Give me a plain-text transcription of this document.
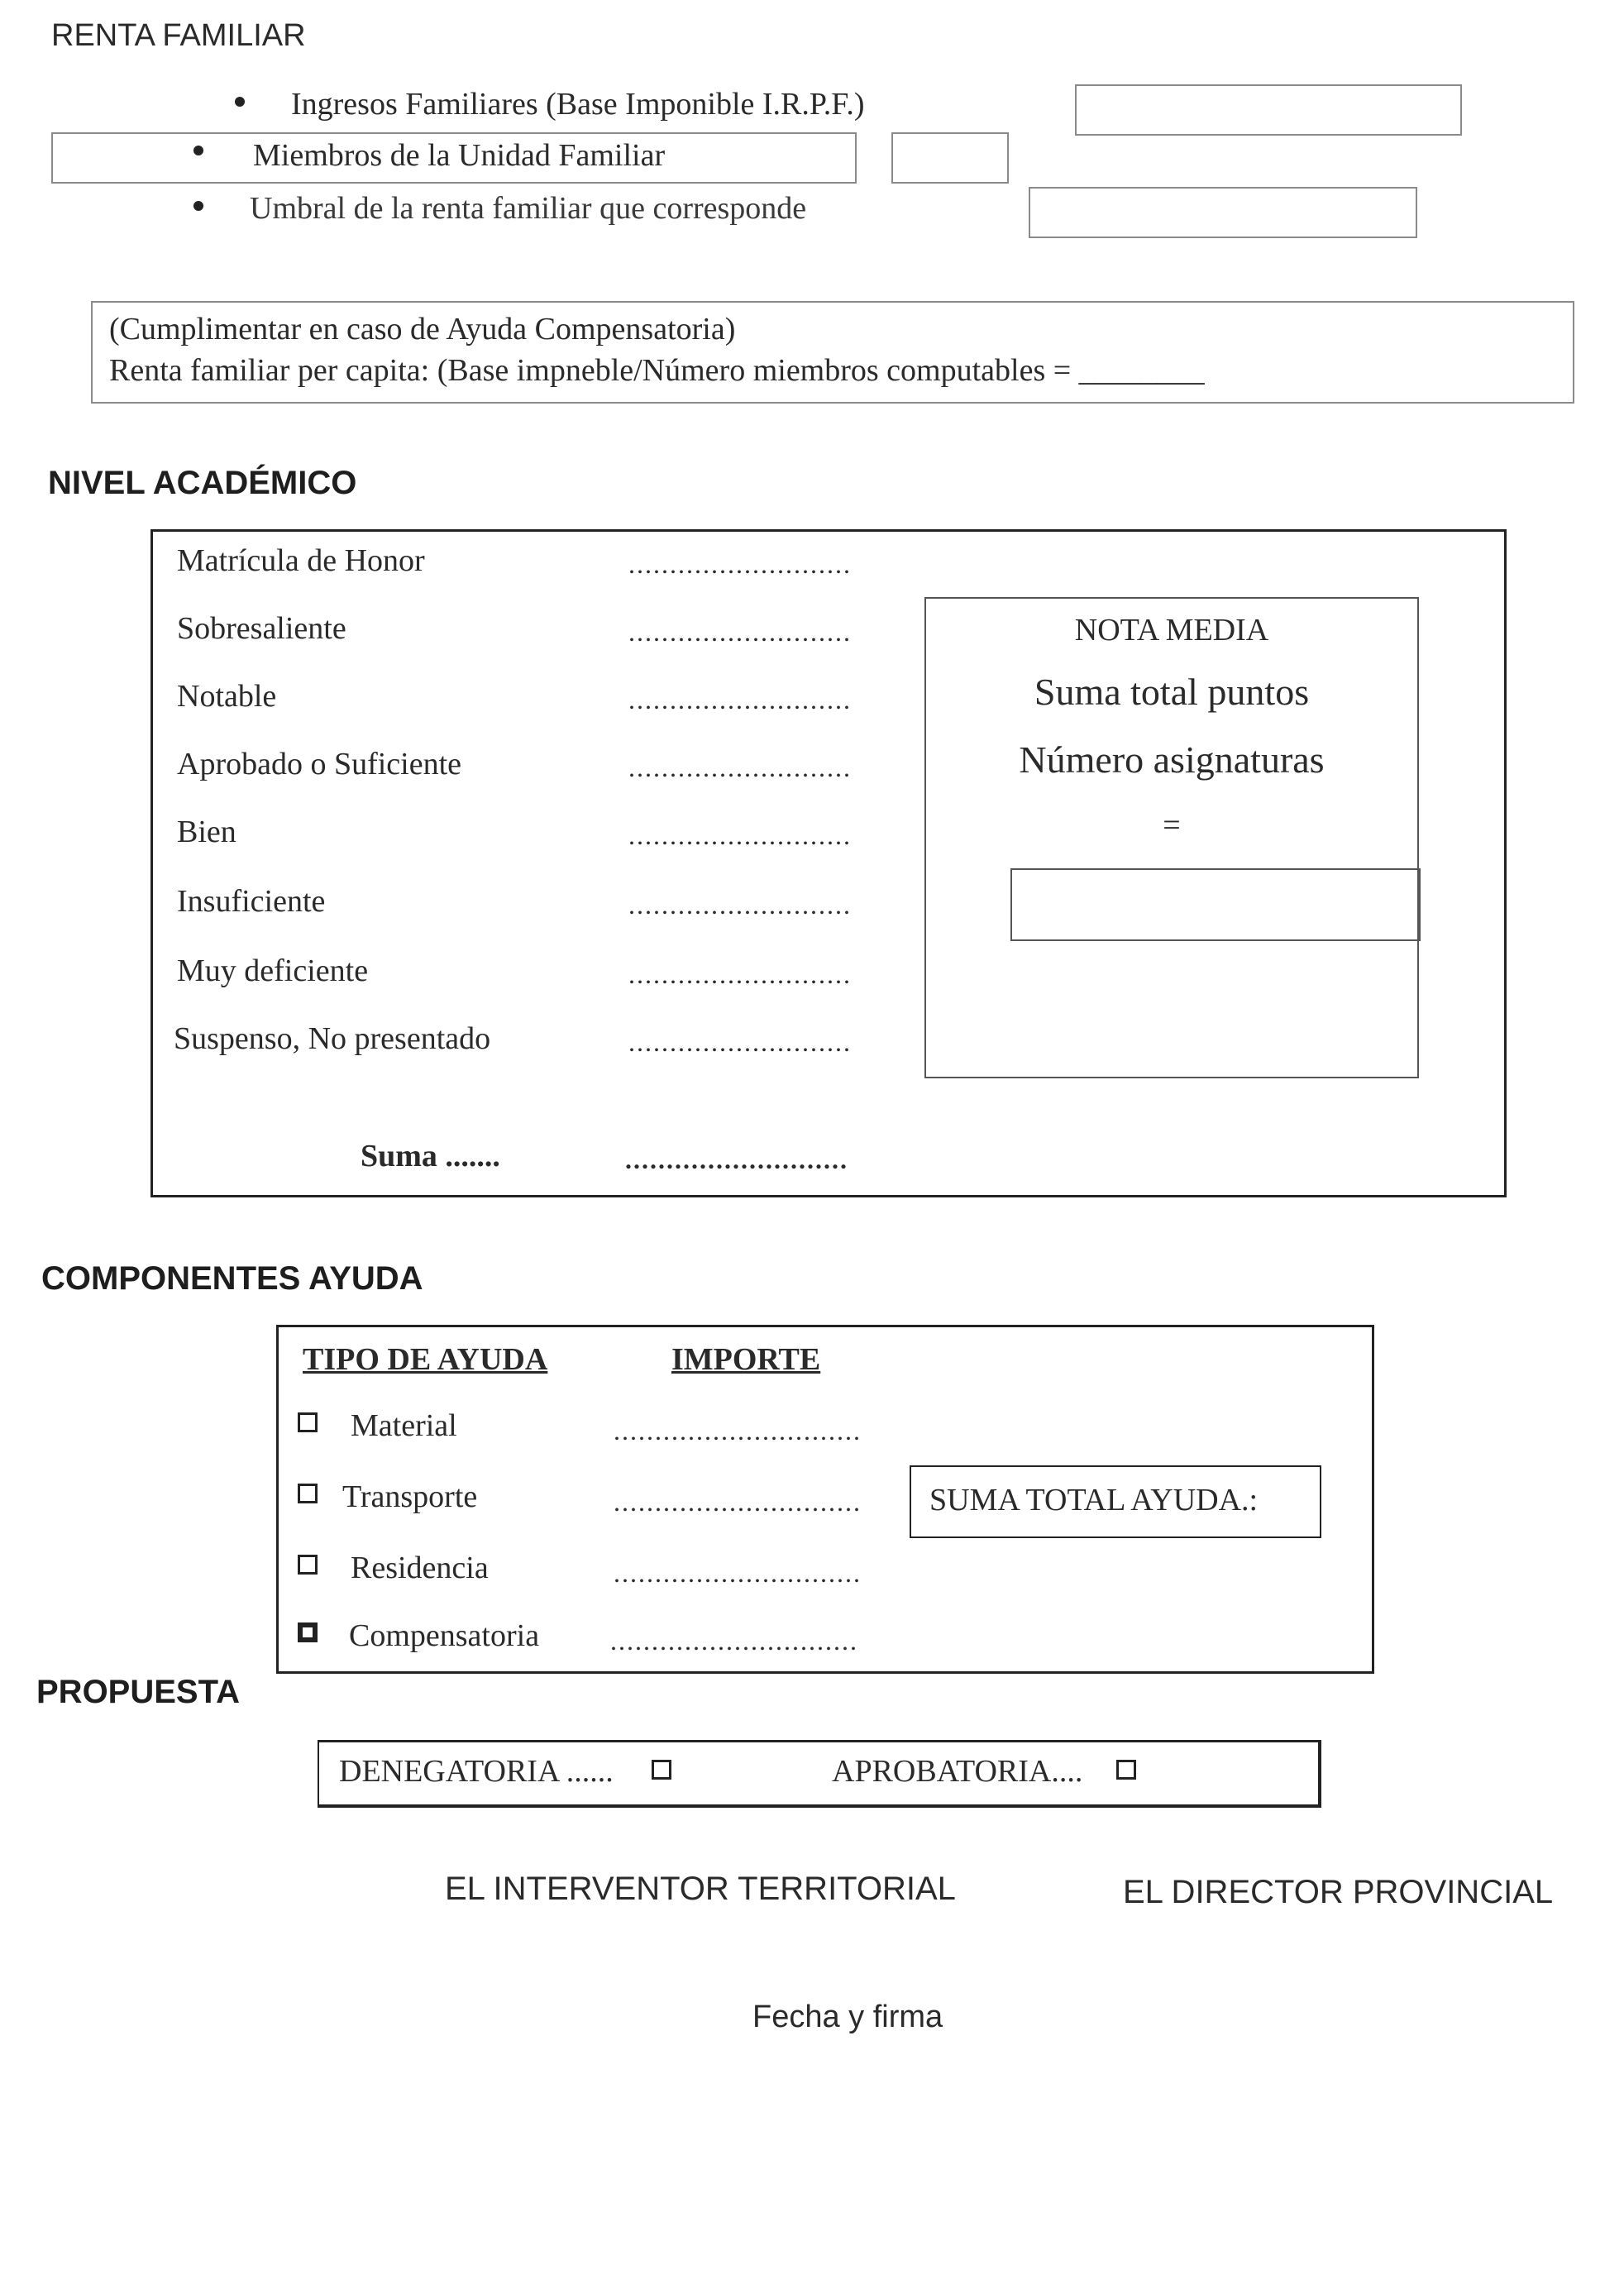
RENTA FAMILIAR
Ingresos Familiares (Base Imponible I.R.P.F.)
Miembros de la Unidad Familiar
Umbral de la renta familiar que corresponde
(Cumplimentar en caso de Ayuda Compensatoria)
Renta familiar per capita: (Base impneble/Número miembros computables = ________
NIVEL ACADÉMICO
Matrícula de Honor	...........................
Sobresaliente	...........................
Notable	...........................
Aprobado o Suficiente	...........................
Bien	...........................
Insuficiente	...........................
Muy deficiente	...........................
Suspenso, No presentado	...........................
Suma .......	...........................
NOTA MEDIA
Suma total puntos
Número asignaturas
=
COMPONENTES AYUDA
TIPO DE AYUDA	IMPORTE
Material	..............................
Transporte	..............................
Residencia	..............................
Compensatoria	..............................
SUMA TOTAL AYUDA.:
PROPUESTA
DENEGATORIA ......	APROBATORIA....
EL INTERVENTOR TERRITORIAL	EL DIRECTOR PROVINCIAL
Fecha y firma
